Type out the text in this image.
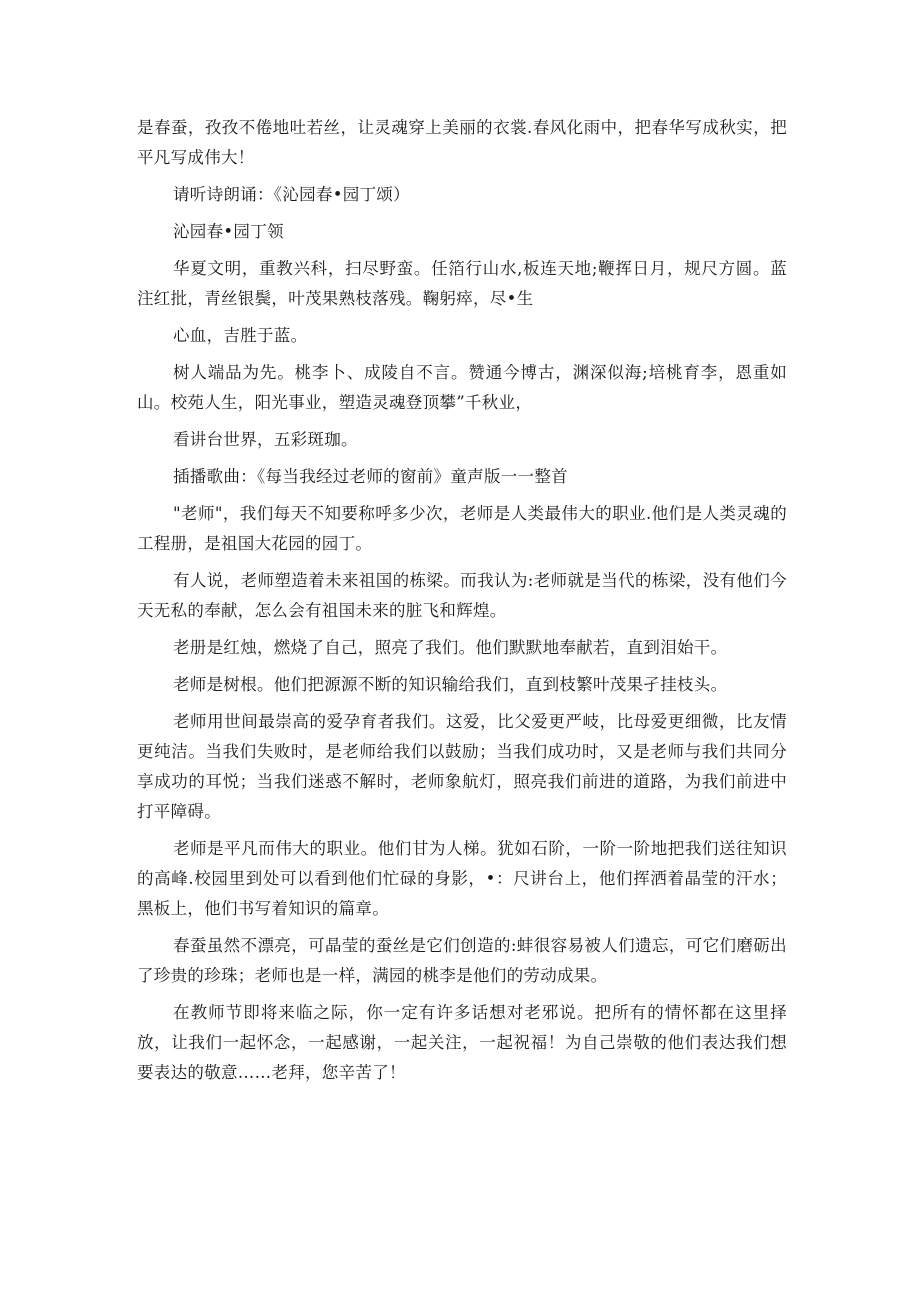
是春蚕，孜孜不倦地吐若丝，让灵魂穿上美丽的衣裳.春风化雨中，把春华写成秋实，把平凡写成伟大！

请听诗朗诵：《沁园春•园丁颂）

沁园春•园丁领

华夏文明，重教兴科，扫尽野蛮。任箔行山水,板连天地;鞭挥日月，规尺方圆。蓝注红批，青丝银鬓，叶茂果熟枝落残。鞠躬瘁，尽•生

心血，吉胜于蓝。

树人端品为先。桃李卜、成陵自不言。赞通今博古，渊深似海;培桃育李，恩重如山。校苑人生，阳光事业，塑造灵魂登顶攀”千秋业，

看讲台世界，五彩斑珈。

插播歌曲：《每当我经过老师的窗前》童声版一一整首

"老师"，我们每天不知要称呼多少次，老师是人类最伟大的职业.他们是人类灵魂的工程册，是祖国大花园的园丁。

有人说，老师塑造着未来祖国的栋梁。而我认为:老师就是当代的栋梁，没有他们今天无私的奉献，怎么会有祖国未来的脏飞和辉煌。

老册是红烛，燃烧了自己，照亮了我们。他们默默地奉献若，直到泪始干。

老师是树根。他们把源源不断的知识输给我们，直到枝繁叶茂果孑挂枝头。

老师用世间最崇高的爱孕育者我们。这爱，比父爱更严岐，比母爱更细微，比友情更纯洁。当我们失败时，是老师给我们以鼓励；当我们成功时，又是老师与我们共同分享成功的耳悦；当我们迷惑不解时，老师象航灯，照亮我们前进的道路，为我们前进中打平障碍。

老师是平凡而伟大的职业。他们甘为人梯。犹如石阶，一阶一阶地把我们送往知识的高峰.校园里到处可以看到他们忙碌的身影，•：尺讲台上，他们挥洒着晶莹的汗水；黑板上，他们书写着知识的篇章。

春蚕虽然不漂亮，可晶莹的蚕丝是它们创造的:蚌很容易被人们遗忘，可它们磨砺出了珍贵的珍珠；老师也是一样，满园的桃李是他们的劳动成果。

在教师节即将来临之际，你一定有许多话想对老邪说。把所有的情怀都在这里择放，让我们一起怀念，一起感谢，一起关注，一起祝福！为自己崇敬的他们表达我们想要表达的敬意……老拜，您辛苦了！
